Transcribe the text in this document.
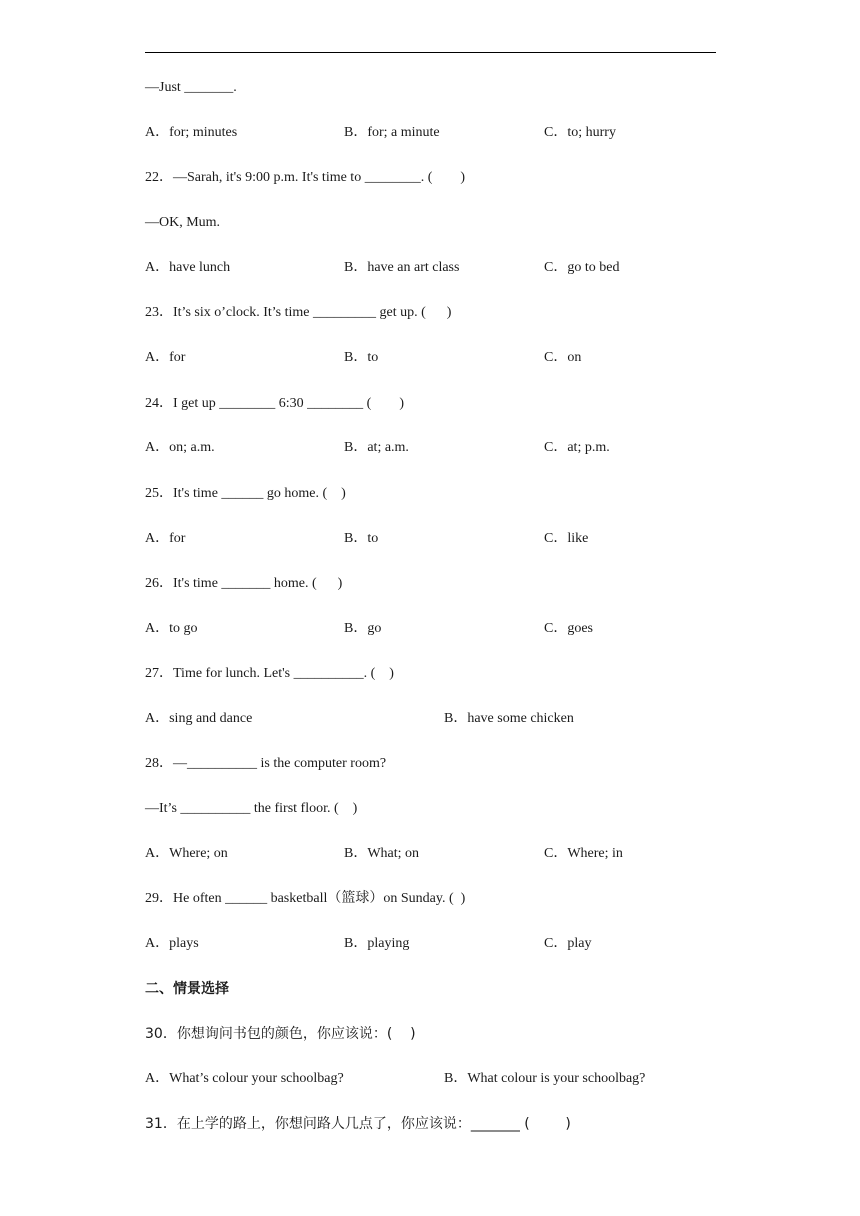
—Just _______.
A．for; minutes	B．for; a minute	C．to; hurry
22．—Sarah, it's 9:00 p.m. It's time to ________. (        )
—OK, Mum.
A．have lunch	B．have an art class	C．go to bed
23．It’s six o’clock. It’s time _________ get up. (      )
A．for	B．to	C．on
24．I get up ________ 6:30 ________ (        )
A．on; a.m.	B．at; a.m.	C．at; p.m.
25．It's time ______ go home. (    )
A．for	B．to	C．like
26．It's time _______ home. (      )
A．to go	B．go	C．goes
27．Time for lunch. Let's __________. (    )
A．sing and dance	B．have some chicken
28．—__________ is the computer room?
—It’s __________ the first floor. (    )
A．Where; on	B．What; on	C．Where; in
29．He often ______ basketball（篮球）on Sunday. (  )
A．plays	B．playing	C．play
二、情景选择
30．你想询问书包的颜色，你应该说：(    )
A．What’s colour your schoolbag?	B．What colour is your schoolbag?
31．在上学的路上，你想问路人几点了，你应该说：_______ (        )
